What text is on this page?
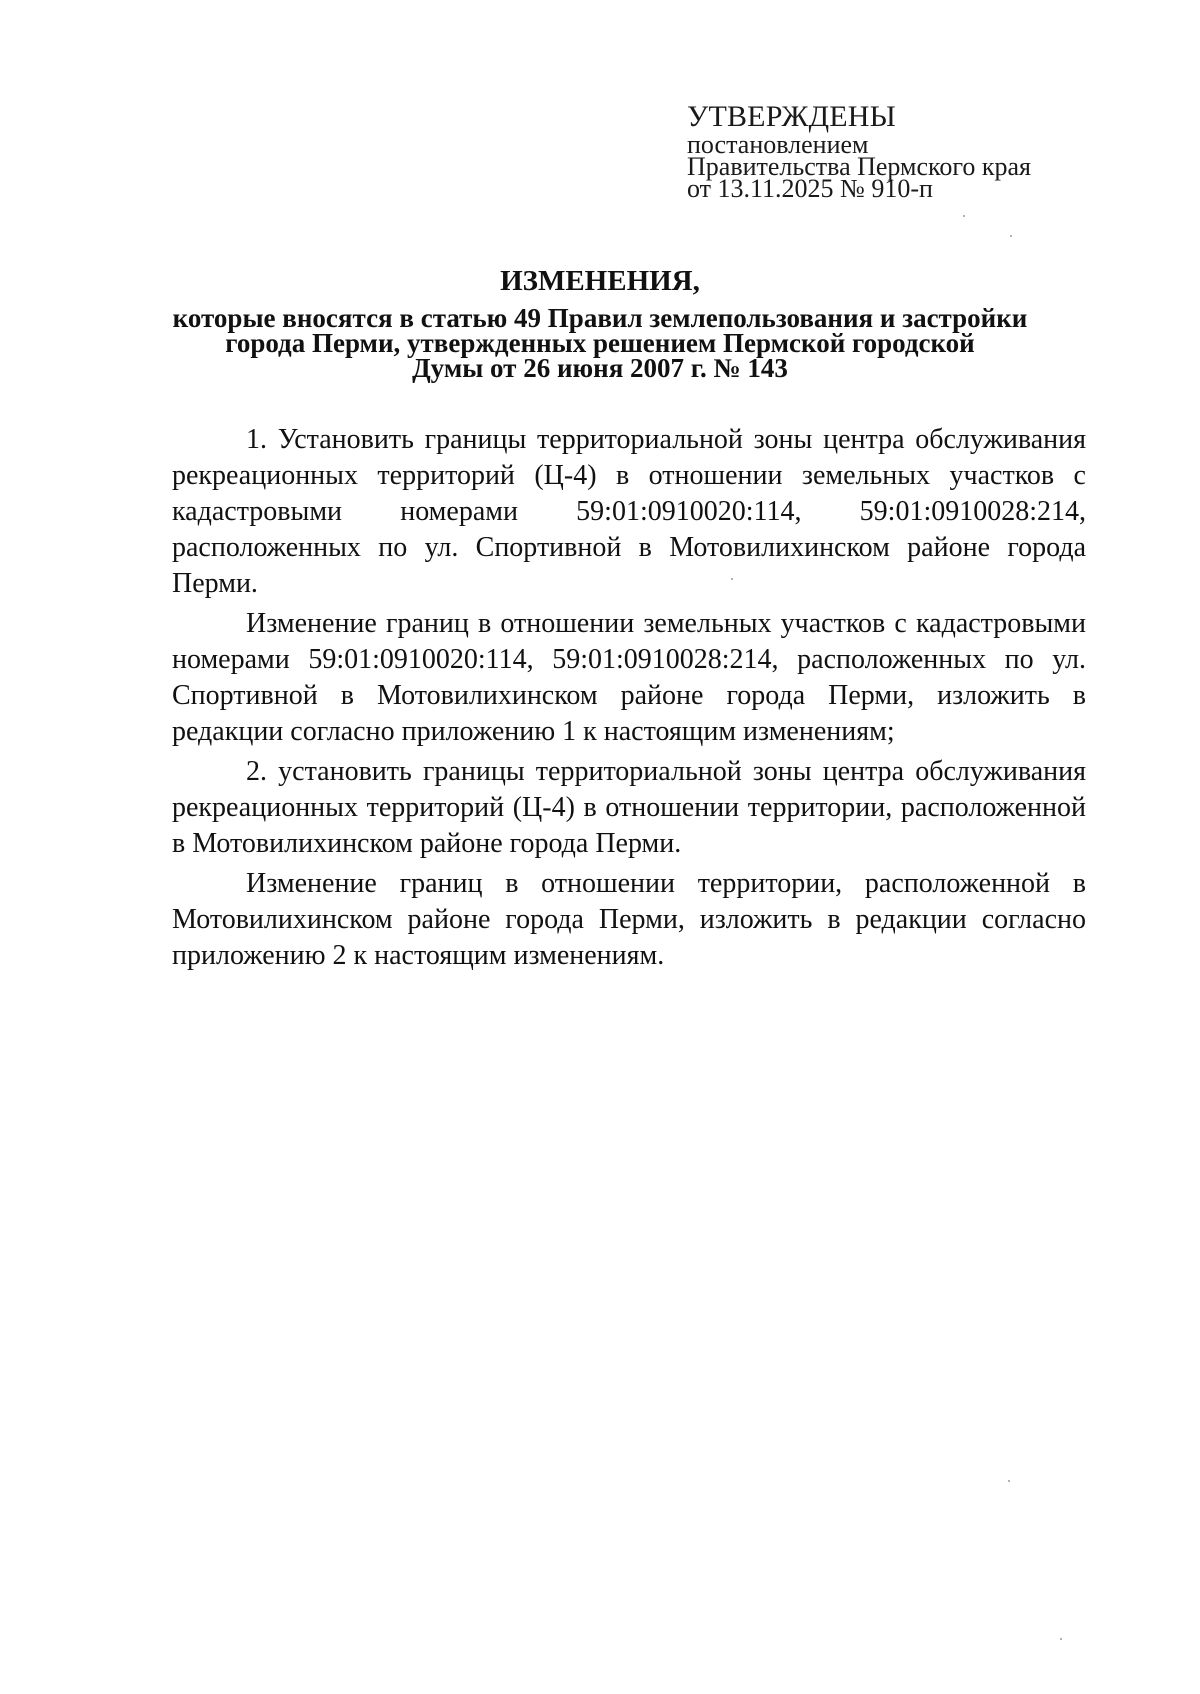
УТВЕРЖДЕНЫ
постановлением
Правительства Пермского края
от 13.11.2025 № 910-п
ИЗМЕНЕНИЯ,
которые вносятся в статью 49 Правил землепользования и застройки
города Перми, утвержденных решением Пермской городской
Думы от 26 июня 2007 г. № 143

1. Установить границы территориальной зоны центра обслуживания рекреационных территорий (Ц-4) в отношении земельных участков с кадастровыми номерами 59:01:0910020:114, 59:01:0910028:214, расположенных по ул. Спортивной в Мотовилихинском районе города Перми.

Изменение границ в отношении земельных участков с кадастровыми номерами 59:01:0910020:114, 59:01:0910028:214, расположенных по ул. Спортивной в Мотовилихинском районе города Перми, изложить в редакции согласно приложению 1 к настоящим изменениям;

2. установить границы территориальной зоны центра обслуживания рекреационных территорий (Ц-4) в отношении территории, расположенной в Мотовилихинском районе города Перми.

Изменение границ в отношении территории, расположенной в Мотовилихинском районе города Перми, изложить в редакции согласно приложению 2 к настоящим изменениям.
